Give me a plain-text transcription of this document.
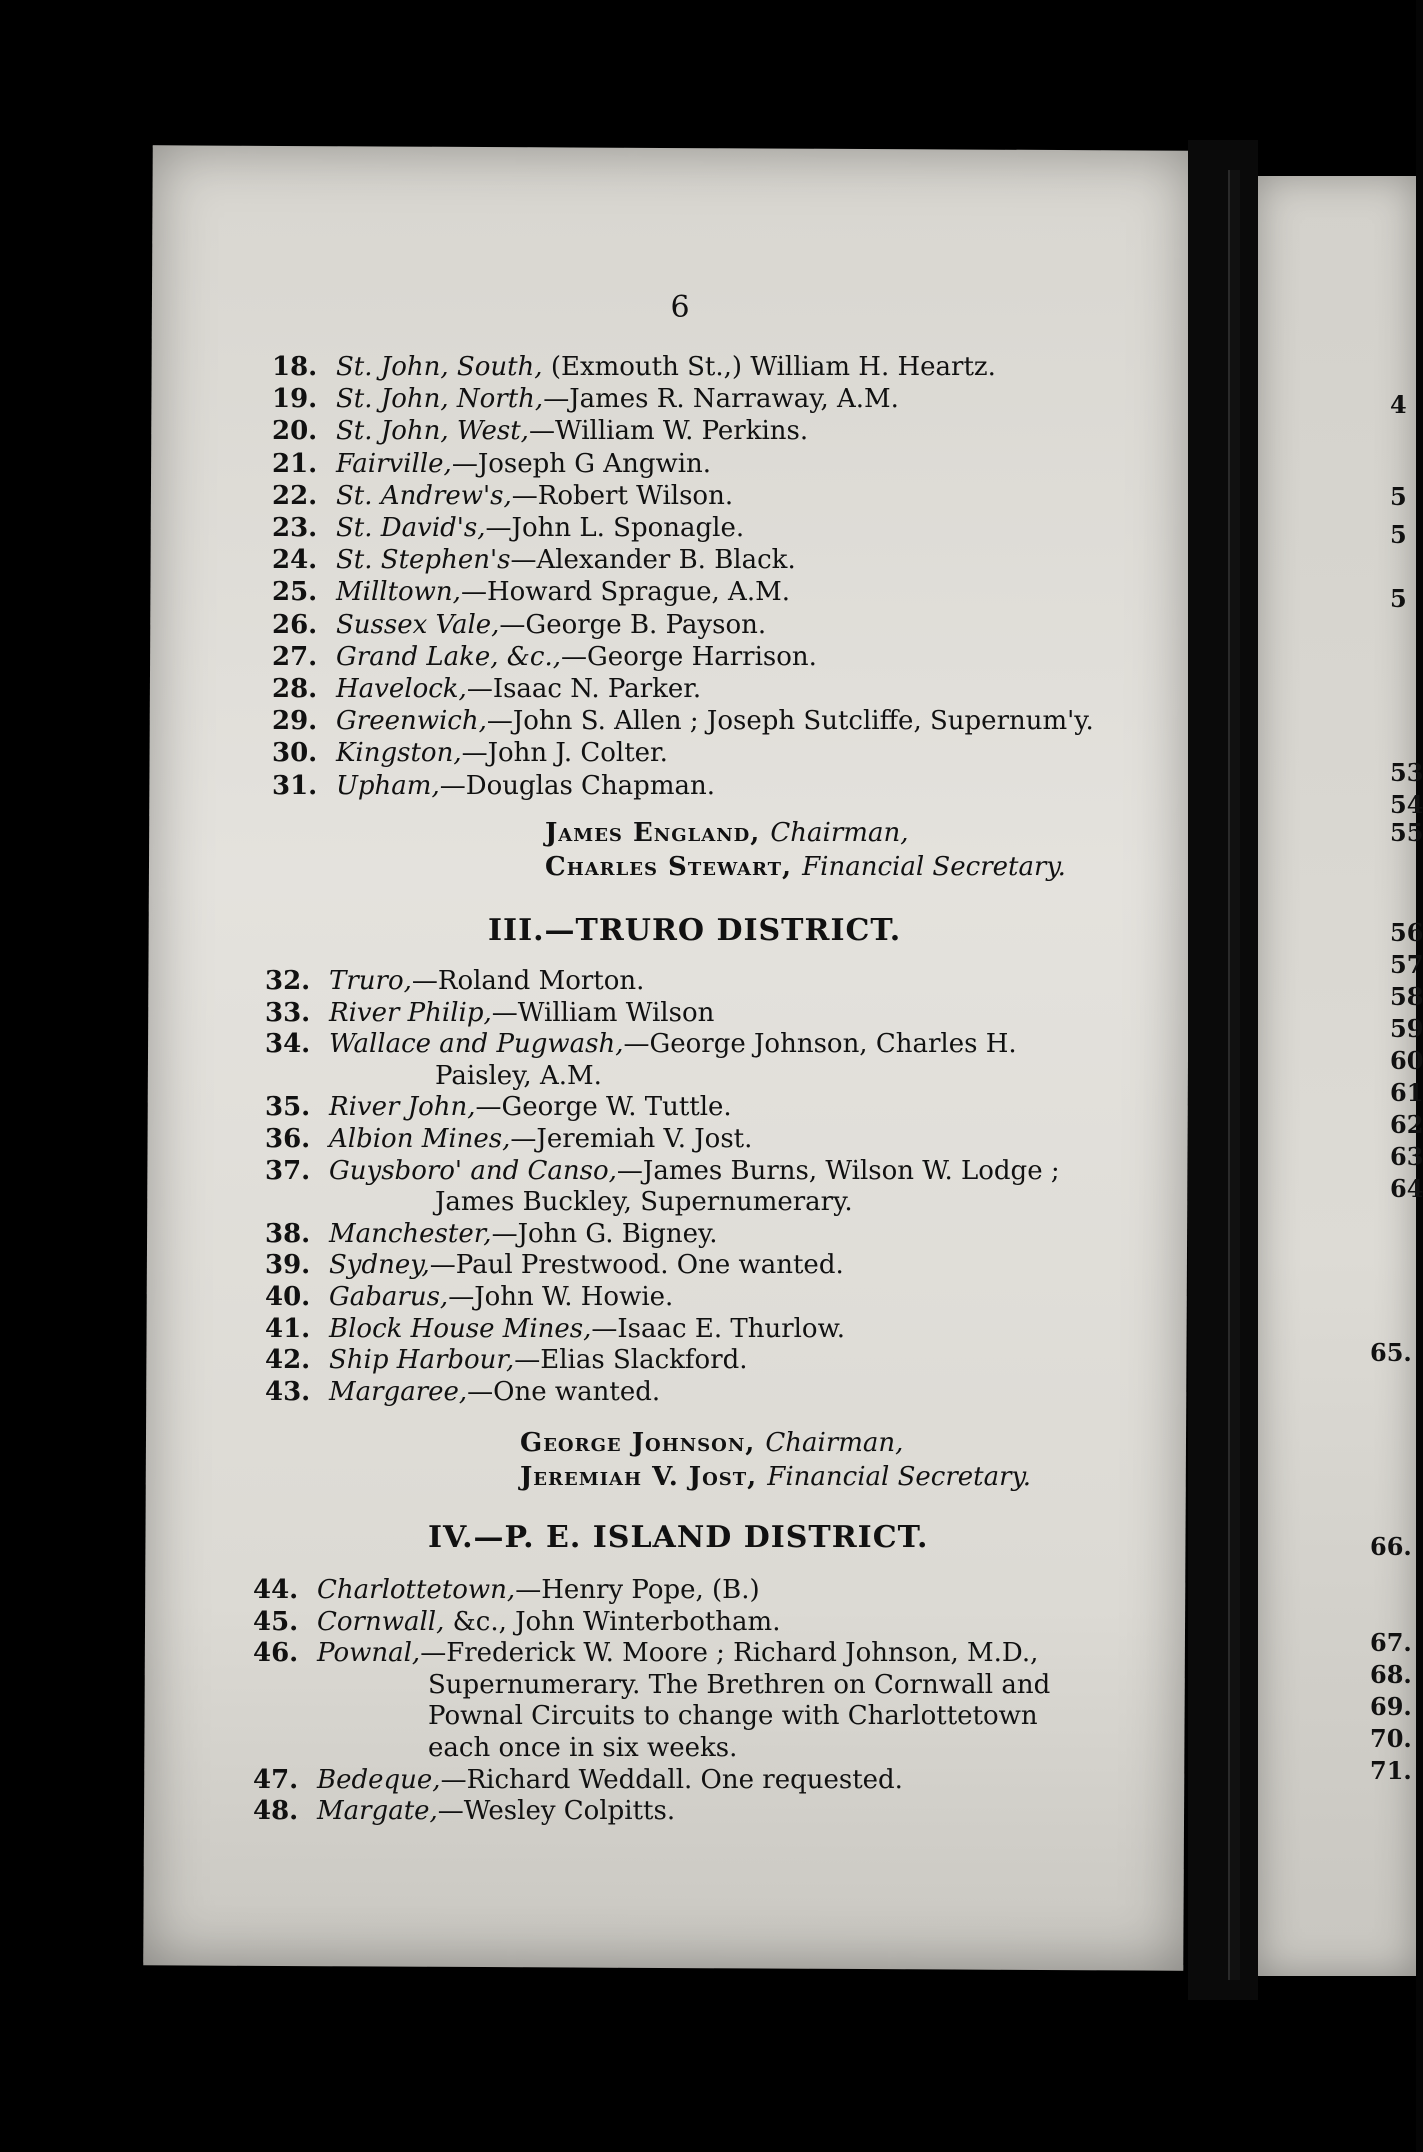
6
18. St. John, South, (Exmouth St.,) William H. Heartz.
19. St. John, North,—James R. Narraway, A.M.
20. St. John, West,—William W. Perkins.
21. Fairville,—Joseph G Angwin.
22. St. Andrew's,—Robert Wilson.
23. St. David's,—John L. Sponagle.
24. St. Stephen's—Alexander B. Black.
25. Milltown,—Howard Sprague, A.M.
26. Sussex Vale,—George B. Payson.
27. Grand Lake, &c.,—George Harrison.
28. Havelock,—Isaac N. Parker.
29. Greenwich,—John S. Allen ; Joseph Sutcliffe, Supernum'y.
30. Kingston,—John J. Colter.
31. Upham,—Douglas Chapman.
James England, Chairman,
Charles Stewart, Financial Secretary.
III.—TRURO DISTRICT.
32. Truro,—Roland Morton.
33. River Philip,—William Wilson
34. Wallace and Pugwash,—George Johnson, Charles H.
Paisley, A.M.
35. River John,—George W. Tuttle.
36. Albion Mines,—Jeremiah V. Jost.
37. Guysboro' and Canso,—James Burns, Wilson W. Lodge ;
James Buckley, Supernumerary.
38. Manchester,—John G. Bigney.
39. Sydney,—Paul Prestwood. One wanted.
40. Gabarus,—John W. Howie.
41. Block House Mines,—Isaac E. Thurlow.
42. Ship Harbour,—Elias Slackford.
43. Margaree,—One wanted.
George Johnson, Chairman,
Jeremiah V. Jost, Financial Secretary.
IV.—P. E. ISLAND DISTRICT.
44. Charlottetown,—Henry Pope, (B.)
45. Cornwall, &c., John Winterbotham.
46. Pownal,—Frederick W. Moore ; Richard Johnson, M.D.,
Supernumerary. The Brethren on Cornwall and
Pownal Circuits to change with Charlottetown
each once in six weeks.
47. Bedeque,—Richard Weddall. One requested.
48. Margate,—Wesley Colpitts.
4
5
5
5
53
54
55
56
57
58
59
60
61
62
63
64
65.
66.
67.
68.
69.
70.
71.
